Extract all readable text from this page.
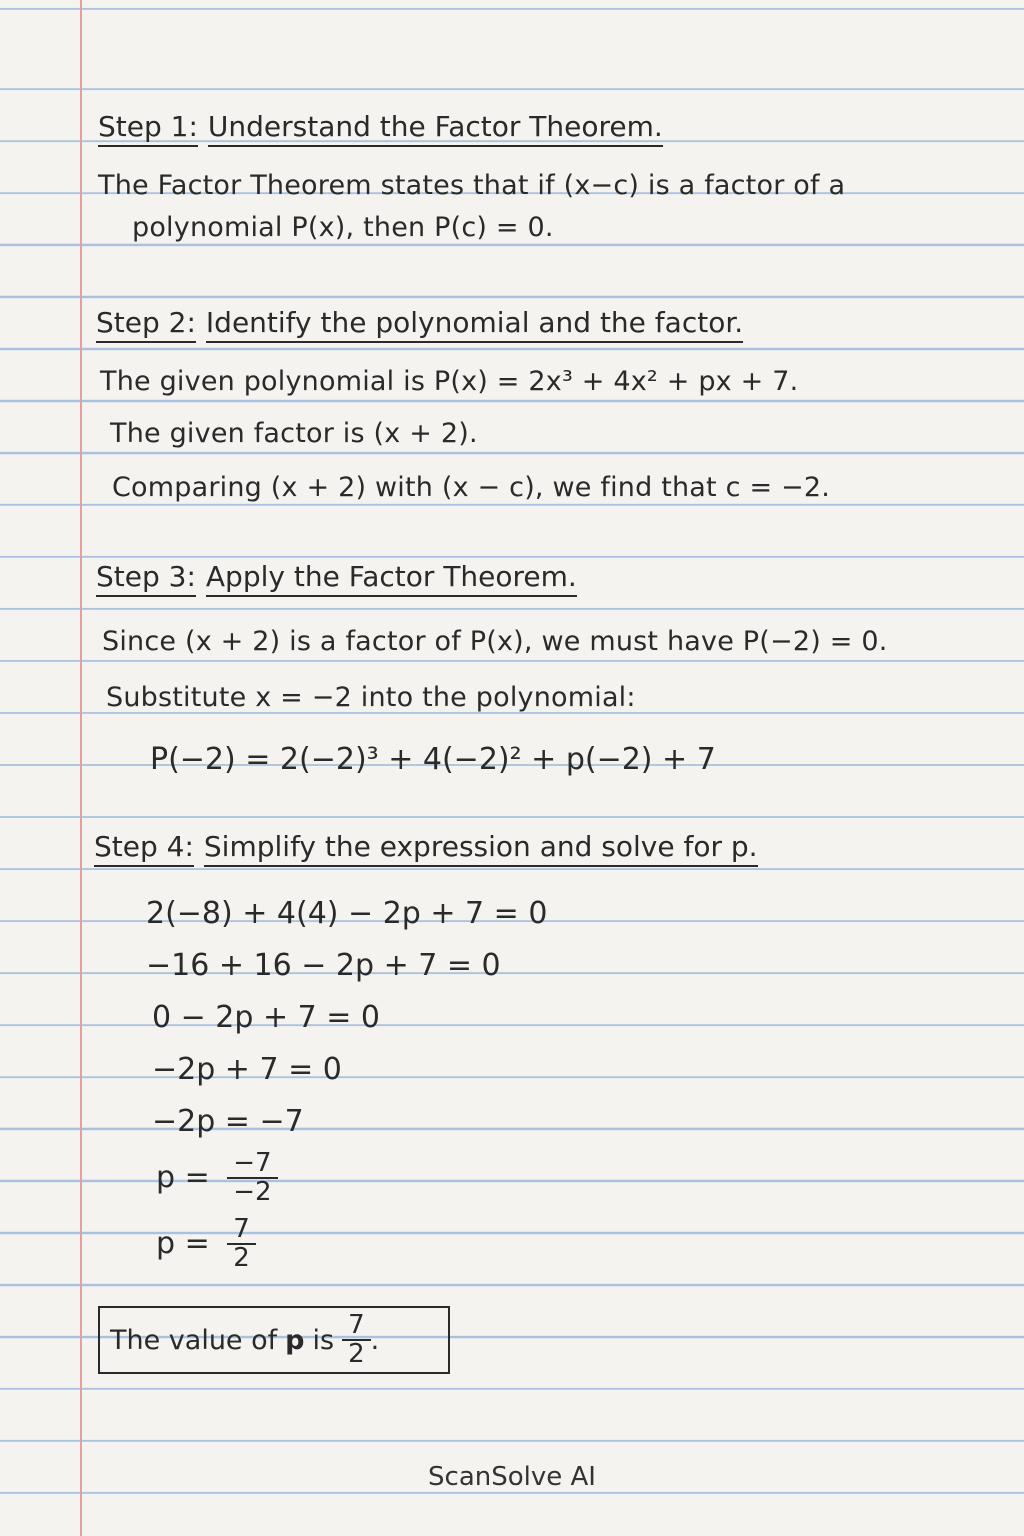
Step 1: Understand the Factor Theorem.
The Factor Theorem states that if (x−c) is a factor of a
polynomial P(x), then P(c) = 0.
Step 2: Identify the polynomial and the factor.
The given polynomial is P(x) = 2x³ + 4x² + px + 7.
The given factor is (x + 2).
Comparing (x + 2) with (x − c), we find that c = −2.
Step 3: Apply the Factor Theorem.
Since (x + 2) is a factor of P(x), we must have P(−2) = 0.
Substitute x = −2 into the polynomial:
P(−2) = 2(−2)³ + 4(−2)² + p(−2) + 7
Step 4: Simplify the expression and solve for p.
2(−8) + 4(4) − 2p + 7 = 0
−16 + 16 − 2p + 7 = 0
0 − 2p + 7 = 0
−2p + 7 = 0
−2p = −7
$p = \frac{-7}{-2}$
$p = \frac{7}{2}$
The value of p is $\frac{7}{2}$ .
ScanSolve AI
